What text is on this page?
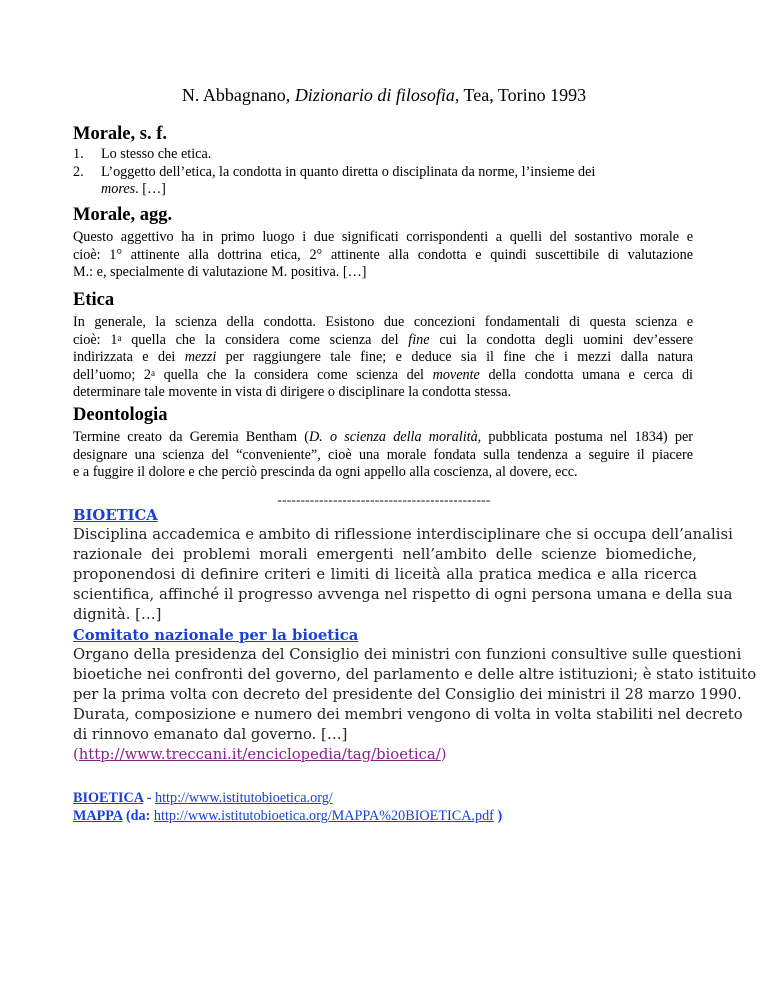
N. Abbagnano, Dizionario di filosofia, Tea, Torino 1993
Morale, s. f.
1. Lo stesso che etica.
2. L’oggetto dell’etica, la condotta in quanto diretta o disciplinata da norme, l’insieme dei
mores. […]
Morale, agg.
Questo aggettivo ha in primo luogo i due significati corrispondenti a quelli del sostantivo morale e
cioè: 1° attinente alla dottrina etica, 2° attinente alla condotta e quindi suscettibile di valutazione
M.: e, specialmente di valutazione M. positiva. […]
Etica
In generale, la scienza della condotta. Esistono due concezioni fondamentali di questa scienza e
cioè: 1$^a$ quella che la considera come scienza del fine cui la condotta degli uomini dev’essere
indirizzata e dei mezzi per raggiungere tale fine; e deduce sia il fine che i mezzi dalla natura
dell’uomo; 2$^a$ quella che la considera come scienza del movente della condotta umana e cerca di
determinare tale movente in vista di dirigere o disciplinare la condotta stessa.
Deontologia
Termine creato da Geremia Bentham (D. o scienza della moralità, pubblicata postuma nel 1834) per
designare una scienza del “conveniente”, cioè una morale fondata sulla tendenza a seguire il piacere
e a fuggire il dolore e che perciò prescinda da ogni appello alla coscienza, al dovere, ecc.
----------------------------------------------
BIOETICA
Disciplina accademica e ambito di riflessione interdisciplinare che si occupa dell’analisi
razionale dei problemi morali emergenti nell’ambito delle scienze biomediche,
proponendosi di definire criteri e limiti di liceità alla pratica medica e alla ricerca
scientifica, affinché il progresso avvenga nel rispetto di ogni persona umana e della sua
dignità. […]
Comitato nazionale per la bioetica
Organo della presidenza del Consiglio dei ministri con funzioni consultive sulle questioni
bioetiche nei confronti del governo, del parlamento e delle altre istituzioni; è stato istituito
per la prima volta con decreto del presidente del Consiglio dei ministri il 28 marzo 1990.
Durata, composizione e numero dei membri vengono di volta in volta stabiliti nel decreto
di rinnovo emanato dal governo. […]
(http://www.treccani.it/enciclopedia/tag/bioetica/)
BIOETICA - http://www.istitutobioetica.org/
MAPPA (da: http://www.istitutobioetica.org/MAPPA%20BIOETICA.pdf )
